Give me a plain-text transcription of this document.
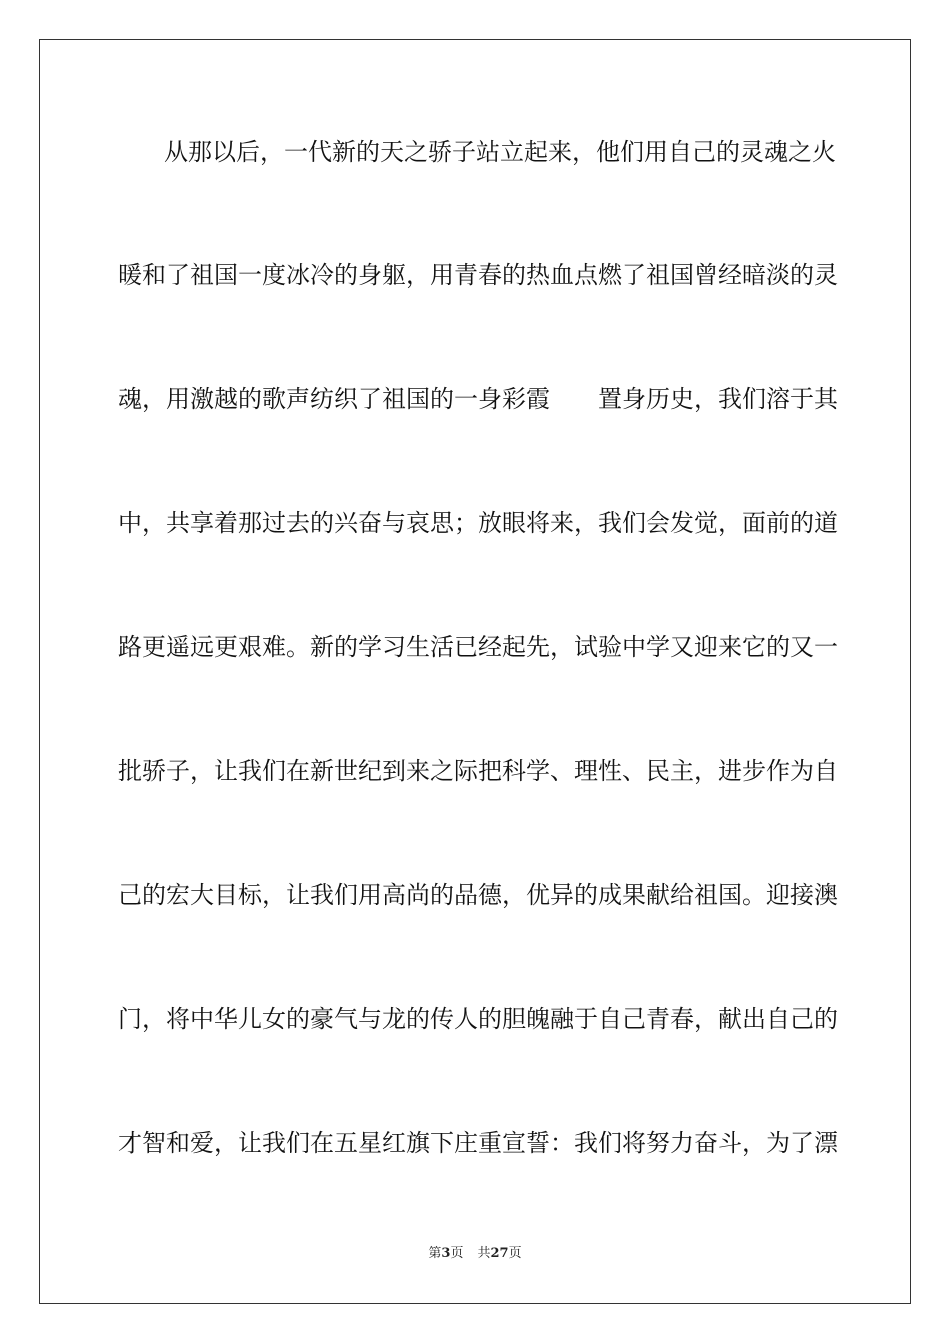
从那以后，一代新的天之骄子站立起来，他们用自己的灵魂之火
暖和了祖国一度冰冷的身躯，用青春的热血点燃了祖国曾经暗淡的灵
魂，用激越的歌声纺织了祖国的一身彩霞　　置身历史，我们溶于其
中，共享着那过去的兴奋与哀思；放眼将来，我们会发觉，面前的道
路更遥远更艰难。新的学习生活已经起先，试验中学又迎来它的又一
批骄子，让我们在新世纪到来之际把科学、理性、民主，进步作为自
己的宏大目标，让我们用高尚的品德，优异的成果献给祖国。迎接澳
门，将中华儿女的豪气与龙的传人的胆魄融于自己青春，献出自己的
才智和爱，让我们在五星红旗下庄重宣誓：我们将努力奋斗，为了漂
第3页 共27页
